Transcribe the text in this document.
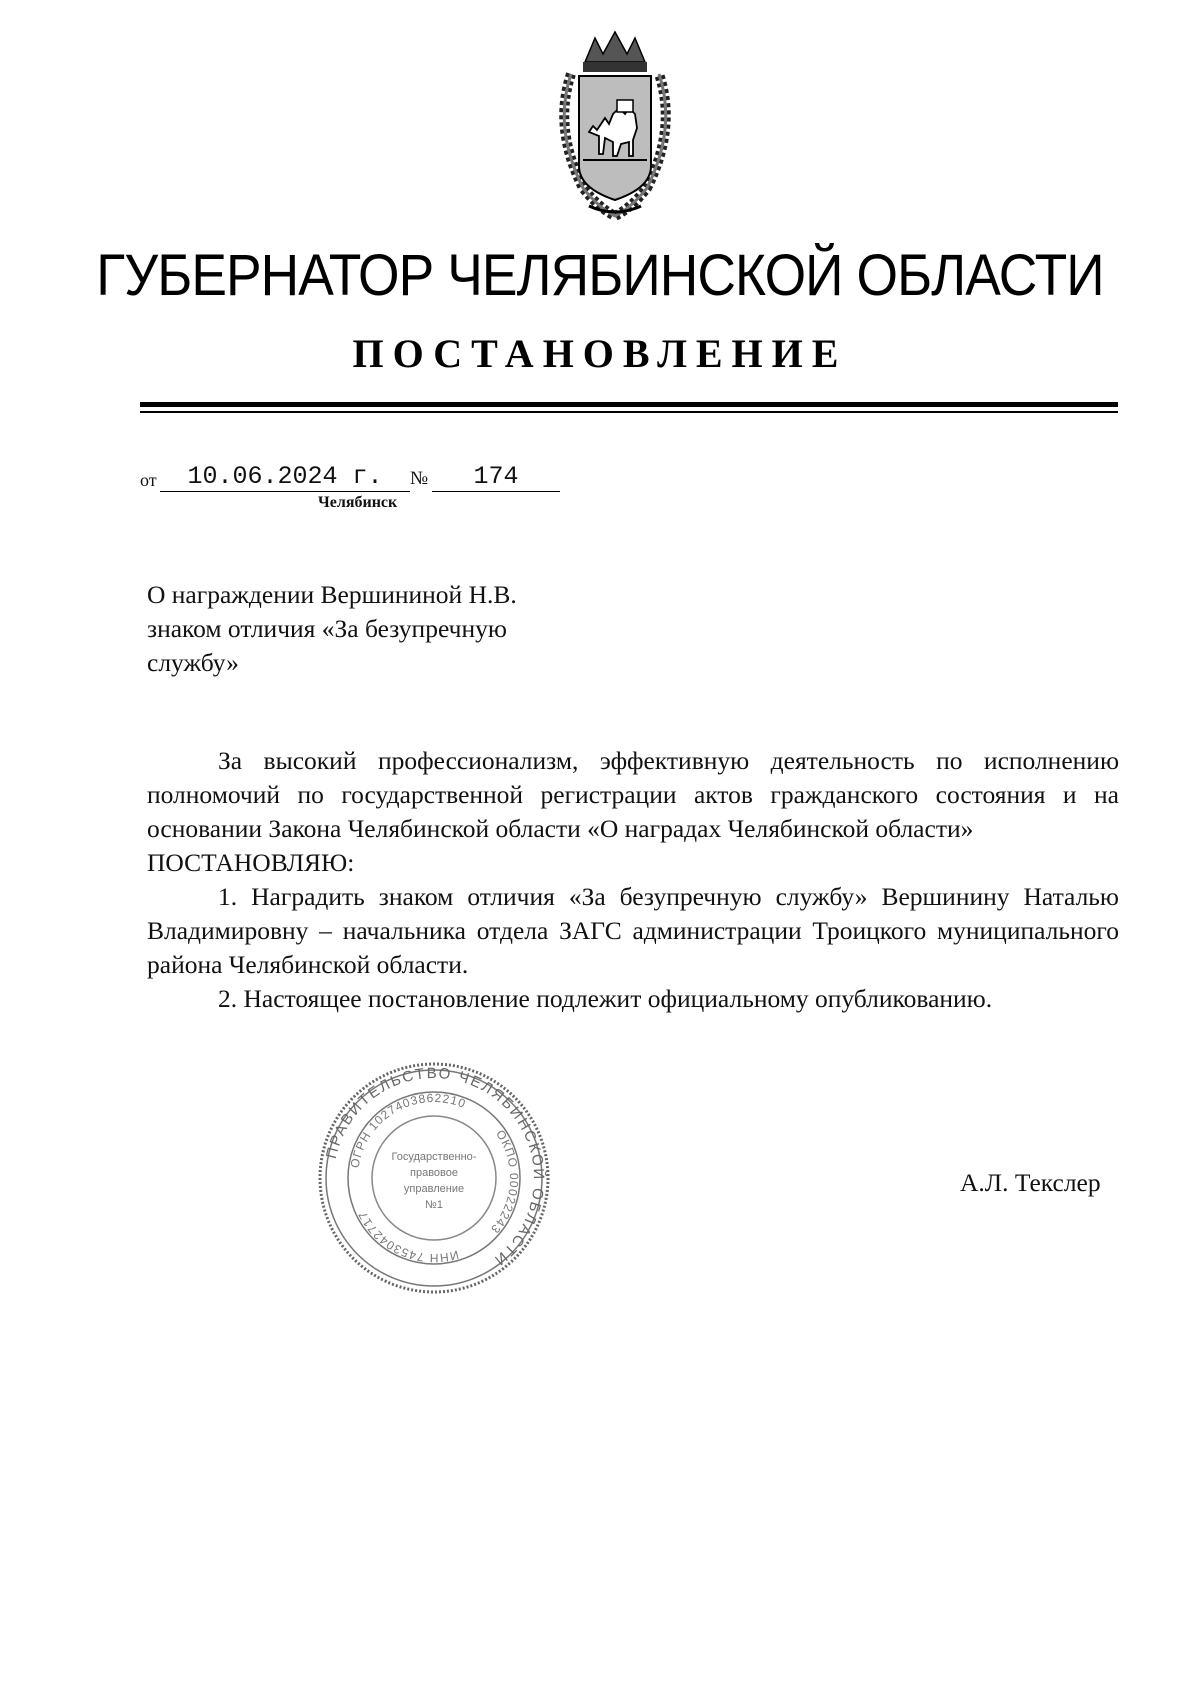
ГУБЕРНАТОР ЧЕЛЯБИНСКОЙ ОБЛАСТИ
ПОСТАНОВЛЕНИЕ
от	10.06.2024 г.	№	174
Челябинск
О награждении Вершининой Н.В. знаком отличия «За безупречную службу»

За высокий профессионализм, эффективную деятельность по исполнению полномочий по государственной регистрации актов гражданского состояния и на основании Закона Челябинской области «О наградах Челябинской области»

ПОСТАНОВЛЯЮ:

1. Наградить знаком отличия «За безупречную службу» Вершинину Наталью Владимировну – начальника отдела ЗАГС администрации Троицкого муниципального района Челябинской области.

2. Настоящее постановление подлежит официальному опубликованию.

ПРАВИТЕЛЬСТВО ЧЕЛЯБИНСКОЙ ОБЛАСТИ
ОГРН 1027403862210
ОКПО 00022243
ИНН 7453042717
Государственно-
правовое
управление
№1
А.Л. Текслер
